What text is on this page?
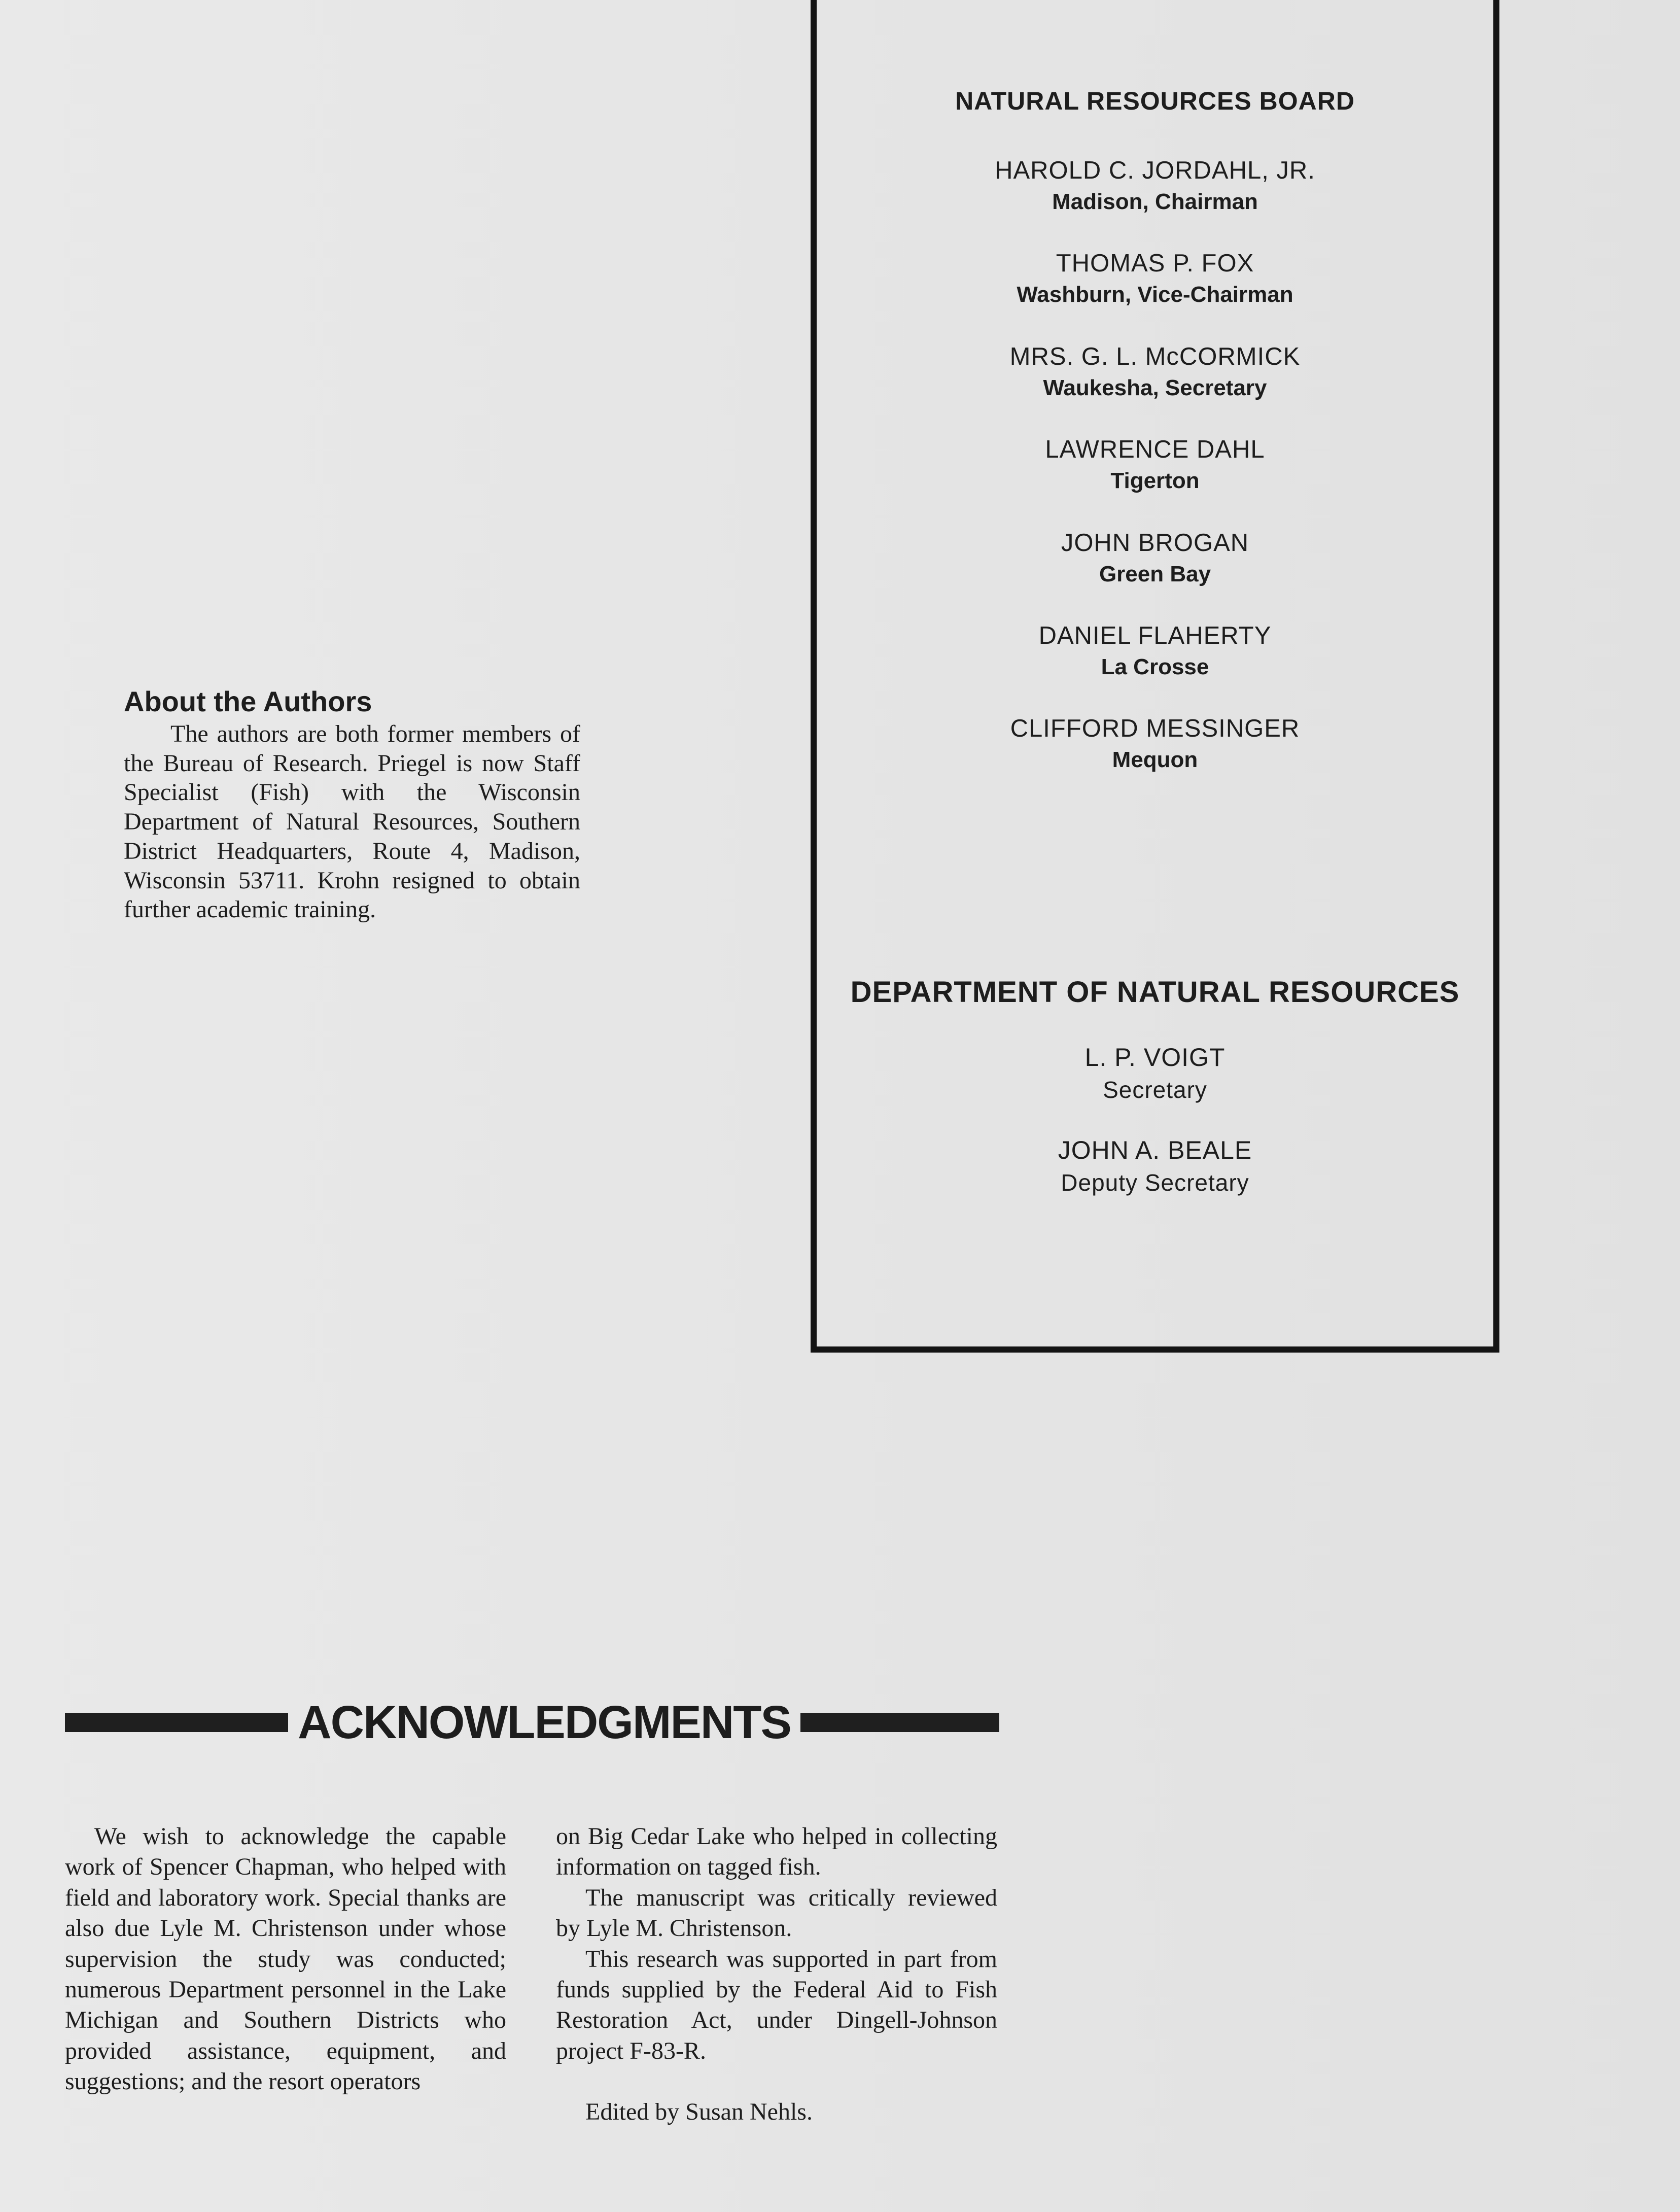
NATURAL RESOURCES BOARD
HAROLD C. JORDAHL, JR.
Madison, Chairman
THOMAS P. FOX
Washburn, Vice-Chairman
MRS. G. L. McCORMICK
Waukesha, Secretary
LAWRENCE DAHL
Tigerton
JOHN BROGAN
Green Bay
DANIEL FLAHERTY
La Crosse
CLIFFORD MESSINGER
Mequon
DEPARTMENT OF NATURAL RESOURCES
L. P. VOIGT
Secretary
JOHN A. BEALE
Deputy Secretary
About the Authors

The authors are both former members of the Bureau of Research. Priegel is now Staff Specialist (Fish) with the Wisconsin Department of Natural Resources, Southern District Headquarters, Route 4, Madison, Wisconsin 53711. Krohn resigned to obtain further academic training.

ACKNOWLEDGMENTS

We wish to acknowledge the capable work of Spencer Chapman, who helped with field and laboratory work. Special thanks are also due Lyle M. Christenson under whose supervision the study was conducted; numerous Department personnel in the Lake Michigan and Southern Districts who provided assistance, equipment, and suggestions; and the resort operators

on Big Cedar Lake who helped in collecting information on tagged fish.

The manuscript was critically reviewed by Lyle M. Christenson.

This research was supported in part from funds supplied by the Federal Aid to Fish Restoration Act, under Dingell-Johnson project F-83-R.

Edited by Susan Nehls.
